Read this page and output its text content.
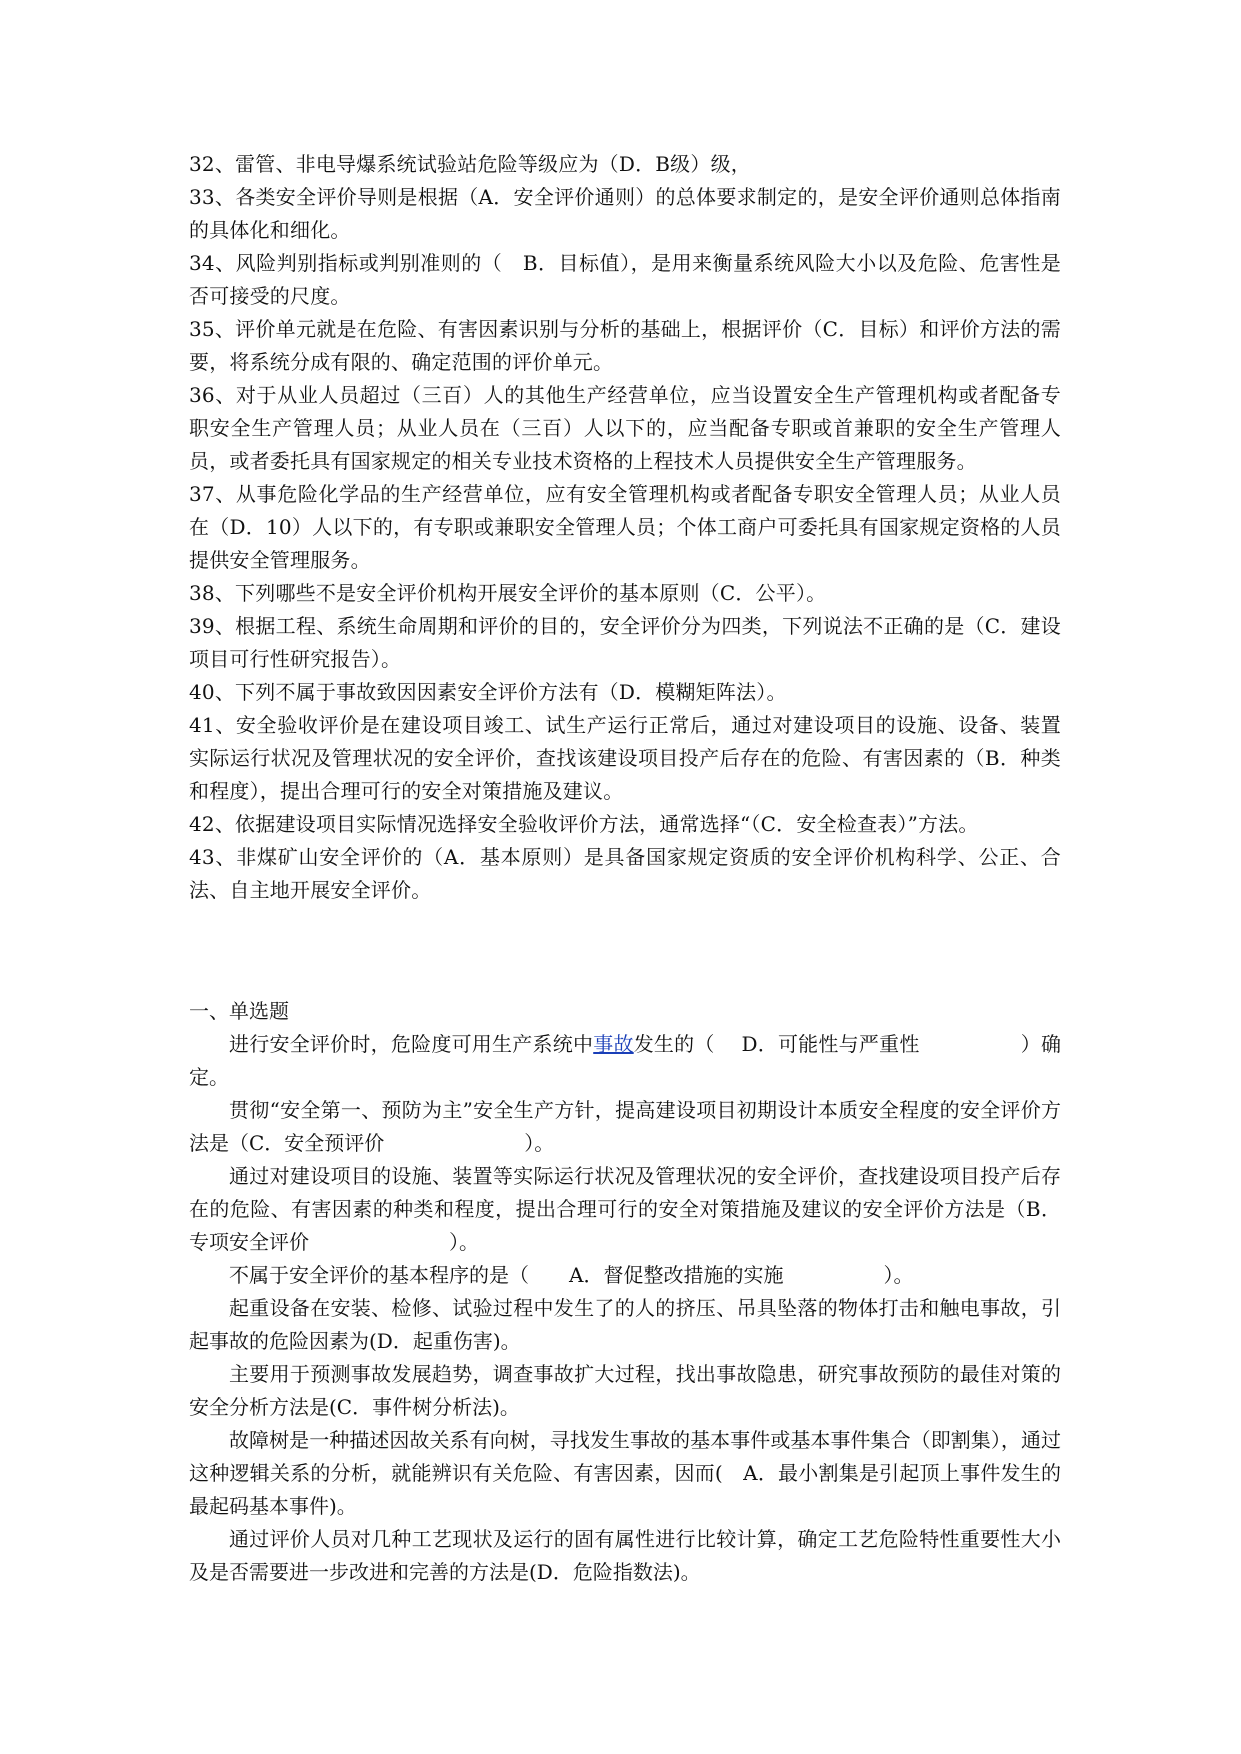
32、雷管、非电导爆系统试验站危险等级应为（D．B级）级，

33、各类安全评价导则是根据（A．安全评价通则）的总体要求制定的，是安全评价通则总体指南的具体化和细化。

34、风险判别指标或判别准则的（　B．目标值），是用来衡量系统风险大小以及危险、危害性是否可接受的尺度。

35、评价单元就是在危险、有害因素识别与分析的基础上，根据评价（C．目标）和评价方法的需要，将系统分成有限的、确定范围的评价单元。

36、对于从业人员超过（三百）人的其他生产经营单位，应当设置安全生产管理机构或者配备专职安全生产管理人员；从业人员在（三百）人以下的，应当配备专职或首兼职的安全生产管理人员，或者委托具有国家规定的相关专业技术资格的上程技术人员提供安全生产管理服务。

37、从事危险化学品的生产经营单位，应有安全管理机构或者配备专职安全管理人员；从业人员在（D．10）人以下的，有专职或兼职安全管理人员；个体工商户可委托具有国家规定资格的人员提供安全管理服务。

38、下列哪些不是安全评价机构开展安全评价的基本原则（C．公平）。

39、根据工程、系统生命周期和评价的目的，安全评价分为四类，下列说法不正确的是（C．建设项目可行性研究报告）。

40、下列不属于事故致因因素安全评价方法有（D．模糊矩阵法）。

41、安全验收评价是在建设项目竣工、试生产运行正常后，通过对建设项目的设施、设备、装置实际运行状况及管理状况的安全评价，查找该建设项目投产后存在的危险、有害因素的（B．种类和程度），提出合理可行的安全对策措施及建议。

42、依据建设项目实际情况选择安全验收评价方法，通常选择“（C．安全检查表）”方法。

43、非煤矿山安全评价的（A．基本原则）是具备国家规定资质的安全评价机构科学、公正、合法、自主地开展安全评价。

一、单选题

进行安全评价时，危险度可用生产系统中事故发生的（　 D．可能性与严重性　　　　　）确定。

贯彻“安全第一、预防为主”安全生产方针，提高建设项目初期设计本质安全程度的安全评价方法是（C．安全预评价　　　　　　　）。

通过对建设项目的设施、装置等实际运行状况及管理状况的安全评价，查找建设项目投产后存在的危险、有害因素的种类和程度，提出合理可行的安全对策措施及建议的安全评价方法是（B．专项安全评价　　　　　　　）。

不属于安全评价的基本程序的是（　　A．督促整改措施的实施　　　　　）。

起重设备在安装、检修、试验过程中发生了的人的挤压、吊具坠落的物体打击和触电事故，引起事故的危险因素为(D．起重伤害)。

主要用于预测事故发展趋势，调查事故扩大过程，找出事故隐患，研究事故预防的最佳对策的安全分析方法是(C．事件树分析法)。

故障树是一种描述因故关系有向树，寻找发生事故的基本事件或基本事件集合（即割集），通过这种逻辑关系的分析，就能辨识有关危险、有害因素，因而(　A．最小割集是引起顶上事件发生的最起码基本事件)。

通过评价人员对几种工艺现状及运行的固有属性进行比较计算，确定工艺危险特性重要性大小及是否需要进一步改进和完善的方法是(D．危险指数法)。
